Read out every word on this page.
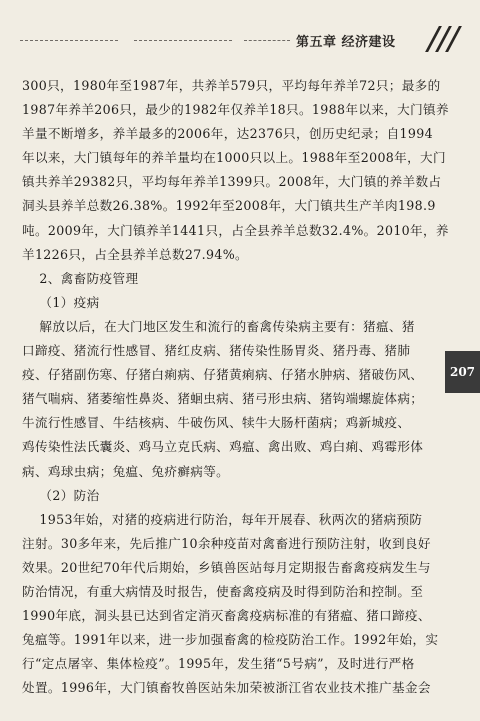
第五章 经济建设

300只，1980年至1987年，共养羊579只，平均每年养羊72只；最多的

1987年养羊206只，最少的1982年仅养羊18只。1988年以来，大门镇养

羊量不断增多，养羊最多的2006年，达2376只，创历史纪录；自1994

年以来，大门镇每年的养羊量均在1000只以上。1988年至2008年，大门

镇共养羊29382只，平均每年养羊1399只。2008年，大门镇的养羊数占

洞头县养羊总数26.38%。1992年至2008年，大门镇共生产羊肉198.9

吨。2009年，大门镇养羊1441只，占全县养羊总数32.4%。2010年，养

羊1226只，占全县养羊总数27.94%。

2、禽畜防疫管理

（1）疫病

解放以后，在大门地区发生和流行的畜禽传染病主要有：猪瘟、猪

口蹄疫、猪流行性感冒、猪红皮病、猪传染性肠胃炎、猪丹毒、猪肺

疫、仔猪副伤寒、仔猪白痢病、仔猪黄痢病、仔猪水肿病、猪破伤风、

猪气喘病、猪萎缩性鼻炎、猪蛔虫病、猪弓形虫病、猪钩端螺旋体病；

牛流行性感冒、牛结核病、牛破伤风、犊牛大肠杆菌病；鸡新城疫、

鸡传染性法氏囊炎、鸡马立克氏病、鸡瘟、禽出败、鸡白痢、鸡霉形体

病、鸡球虫病；兔瘟、兔疥癣病等。

（2）防治

1953年始，对猪的疫病进行防治，每年开展春、秋两次的猪病预防

注射。30多年来，先后推广10余种疫苗对禽畜进行预防注射，收到良好

效果。20世纪70年代后期始，乡镇兽医站每月定期报告畜禽疫病发生与

防治情况，有重大病情及时报告，使畜禽疫病及时得到防治和控制。至

1990年底，洞头县已达到省定消灭畜禽疫病标准的有猪瘟、猪口蹄疫、

兔瘟等。1991年以来，进一步加强畜禽的检疫防治工作。1992年始，实

行“定点屠宰、集体检疫”。1995年，发生猪“5号病”，及时进行严格

处置。1996年，大门镇畜牧兽医站朱加荣被浙江省农业技术推广基金会

207
